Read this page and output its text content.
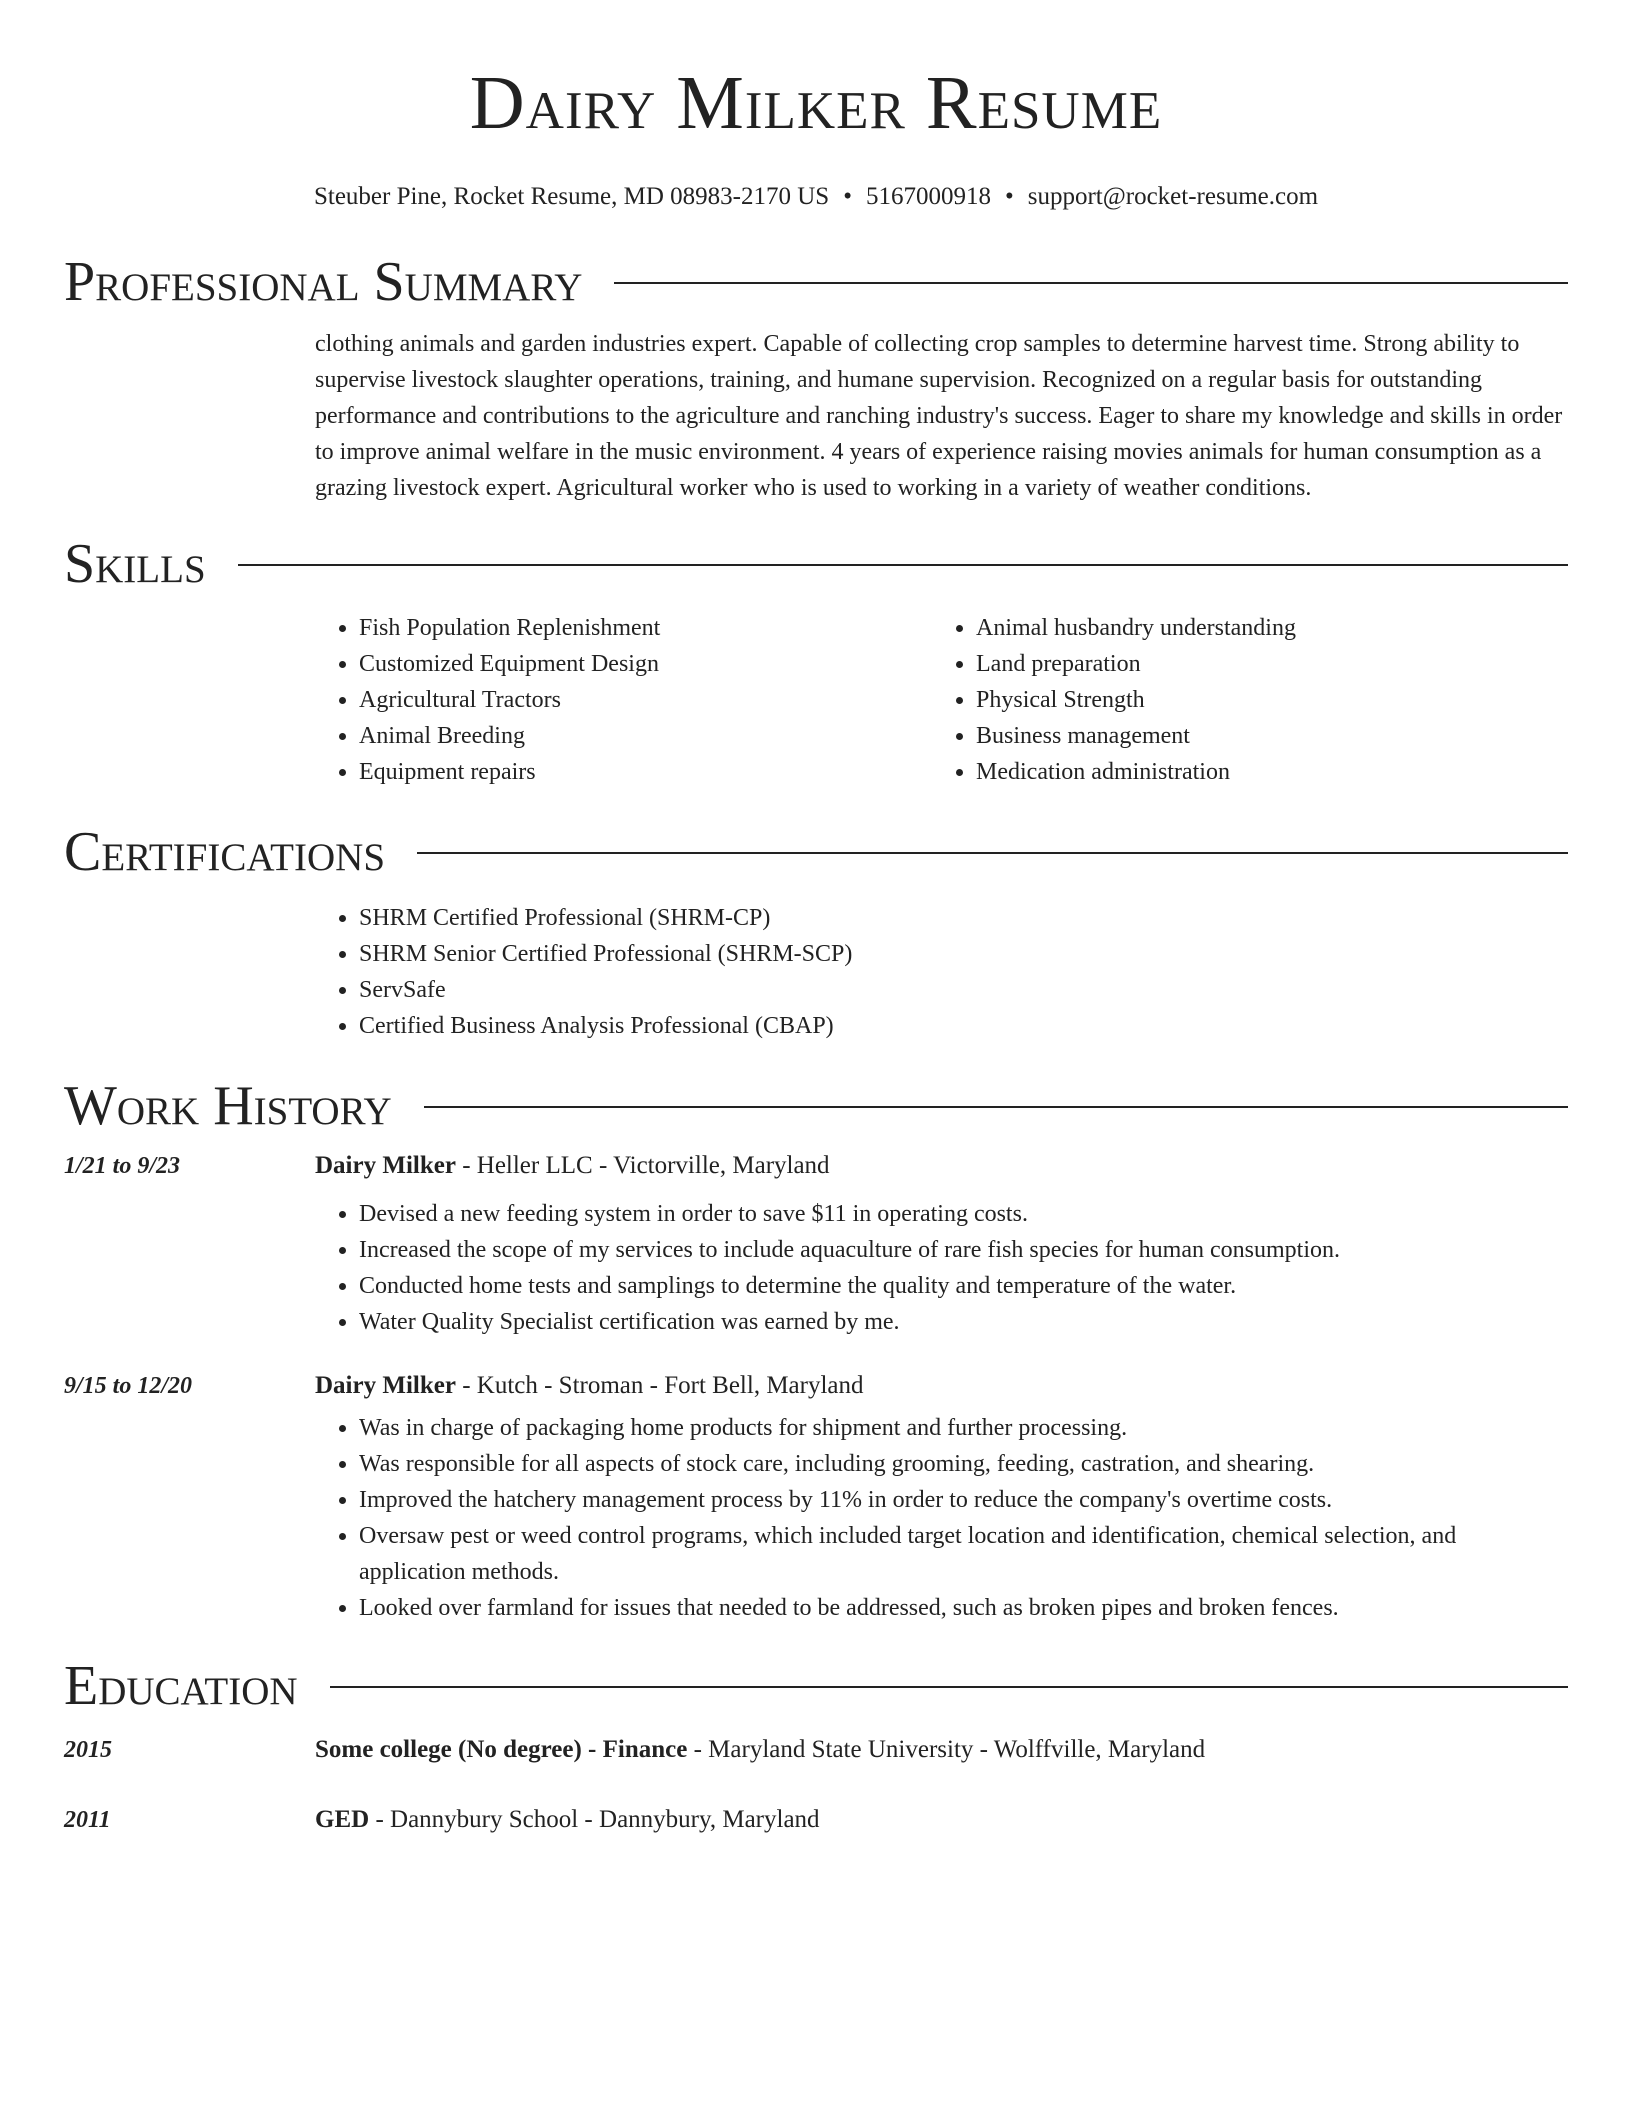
Dairy Milker Resume
Steuber Pine, Rocket Resume, MD 08983-2170 US • 5167000918 • support@rocket-resume.com
Professional Summary
clothing animals and garden industries expert. Capable of collecting crop samples to determine harvest time. Strong ability to supervise livestock slaughter operations, training, and humane supervision. Recognized on a regular basis for outstanding performance and contributions to the agriculture and ranching industry's success. Eager to share my knowledge and skills in order to improve animal welfare in the music environment. 4 years of experience raising movies animals for human consumption as a grazing livestock expert. Agricultural worker who is used to working in a variety of weather conditions.
Skills
• Fish Population Replenishment
• Customized Equipment Design
• Agricultural Tractors
• Animal Breeding
• Equipment repairs
• Animal husbandry understanding
• Land preparation
• Physical Strength
• Business management
• Medication administration
Certifications
• SHRM Certified Professional (SHRM-CP)
• SHRM Senior Certified Professional (SHRM-SCP)
• ServSafe
• Certified Business Analysis Professional (CBAP)
Work History
1/21 to 9/23	Dairy Milker - Heller LLC - Victorville, Maryland
• Devised a new feeding system in order to save $11 in operating costs.
• Increased the scope of my services to include aquaculture of rare fish species for human consumption.
• Conducted home tests and samplings to determine the quality and temperature of the water.
• Water Quality Specialist certification was earned by me.
9/15 to 12/20	Dairy Milker - Kutch - Stroman - Fort Bell, Maryland
• Was in charge of packaging home products for shipment and further processing.
• Was responsible for all aspects of stock care, including grooming, feeding, castration, and shearing.
• Improved the hatchery management process by 11% in order to reduce the company's overtime costs.
• Oversaw pest or weed control programs, which included target location and identification, chemical selection, and application methods.
• Looked over farmland for issues that needed to be addressed, such as broken pipes and broken fences.
Education
2015	Some college (No degree) - Finance - Maryland State University - Wolffville, Maryland
2011	GED - Dannybury School - Dannybury, Maryland
